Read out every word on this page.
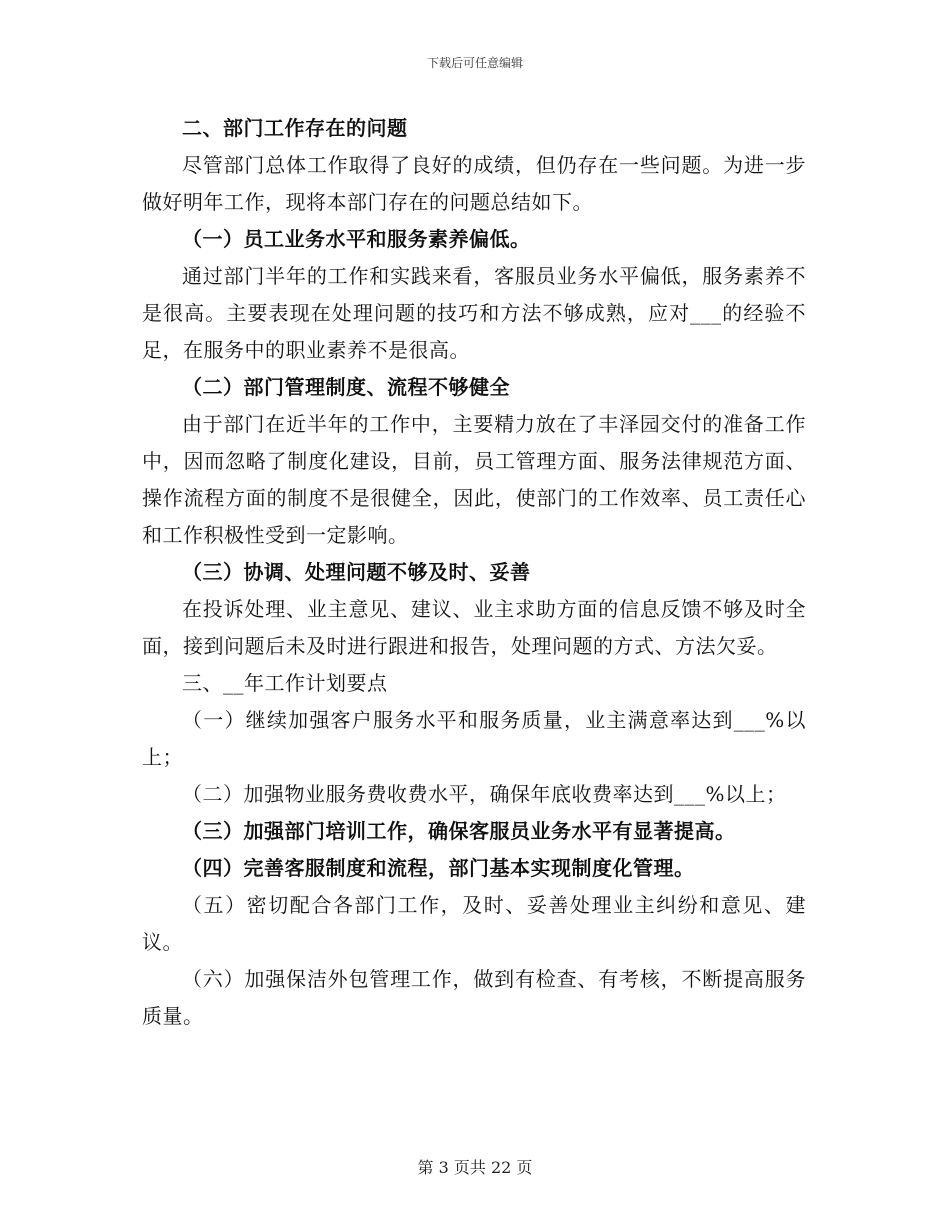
下载后可任意编辑

二、部门工作存在的问题

尽管部门总体工作取得了良好的成绩，但仍存在一些问题。为进一步做好明年工作，现将本部门存在的问题总结如下。

（一）员工业务水平和服务素养偏低。

通过部门半年的工作和实践来看，客服员业务水平偏低，服务素养不是很高。主要表现在处理问题的技巧和方法不够成熟，应对___的经验不足，在服务中的职业素养不是很高。

（二）部门管理制度、流程不够健全

由于部门在近半年的工作中，主要精力放在了丰泽园交付的准备工作中，因而忽略了制度化建设，目前，员工管理方面、服务法律规范方面、操作流程方面的制度不是很健全，因此，使部门的工作效率、员工责任心和工作积极性受到一定影响。

（三）协调、处理问题不够及时、妥善

在投诉处理、业主意见、建议、业主求助方面的信息反馈不够及时全面，接到问题后未及时进行跟进和报告，处理问题的方式、方法欠妥。

三、__年工作计划要点

（一）继续加强客户服务水平和服务质量，业主满意率达到___%以上；

（二）加强物业服务费收费水平，确保年底收费率达到___%以上；

（三）加强部门培训工作，确保客服员业务水平有显著提高。

（四）完善客服制度和流程，部门基本实现制度化管理。

（五）密切配合各部门工作，及时、妥善处理业主纠纷和意见、建议。

（六）加强保洁外包管理工作，做到有检查、有考核，不断提高服务质量。

第 3 页共 22 页
